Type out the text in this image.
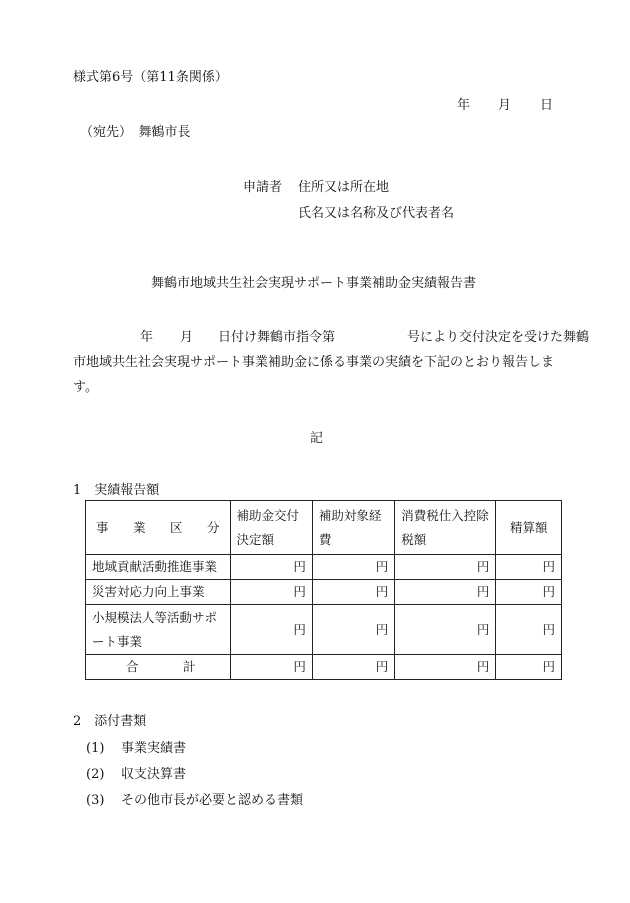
様式第6号（第11条関係）
年 月 日
（宛先）　舞鶴市長
申請者 住所又は所在地
氏名又は名称及び代表者名
舞鶴市地域共生社会実現サポート事業補助金実績報告書
年 月 日付け舞鶴市指令第	号により交付決定を受けた舞鶴
市地域共生社会実現サポート事業補助金に係る事業の実績を下記のとおり報告しま
す。
記
1　実績報告額
事 業 区 分	補助金交付決定額	補助対象経費	消費税仕入控除税額	精算額
地域貢献活動推進事業	円	円	円	円
災害対応力向上事業	円	円	円	円

小規模法人等活動サポート事業	円	円	円	円

合 計	円	円	円	円
2　添付書類
(1) 事業実績書
(2) 収支決算書
(3) その他市長が必要と認める書類
